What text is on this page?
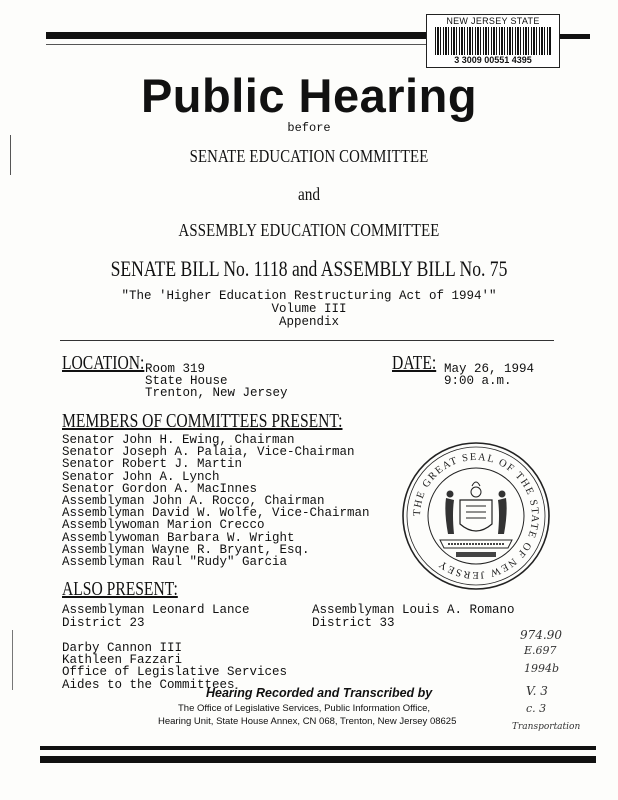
NEW JERSEY STATE
3 3009 00551 4395
Public Hearing
before
SENATE EDUCATION COMMITTEE
and
ASSEMBLY EDUCATION COMMITTEE
SENATE BILL No. 1118 and ASSEMBLY BILL No. 75
"The 'Higher Education Restructuring Act of 1994'"
Volume III
Appendix
LOCATION: Room 319
State House
Trenton, New Jersey
DATE: May 26, 1994
9:00 a.m.
MEMBERS OF COMMITTEES PRESENT:
Senator John H. Ewing, Chairman
Senator Joseph A. Palaia, Vice-Chairman
Senator Robert J. Martin
Senator John A. Lynch
Senator Gordon A. MacInnes
Assemblyman John A. Rocco, Chairman
Assemblyman David W. Wolfe, Vice-Chairman
Assemblywoman Marion Crecco
Assemblywoman Barbara W. Wright
Assemblyman Wayne R. Bryant, Esq.
Assemblyman Raul "Rudy" Garcia
THE GREAT SEAL OF THE STATE OF NEW JERSEY
ALSO PRESENT:
Assemblyman Leonard Lance
District 23
Assemblyman Louis A. Romano
District 33
Darby Cannon III
Kathleen Fazzari
Office of Legislative Services
Aides to the Committees
974.90
E.697
1994b
V. 3
c. 3
Transportation
Hearing Recorded and Transcribed by
The Office of Legislative Services, Public Information Office,
Hearing Unit, State House Annex, CN 068, Trenton, New Jersey 08625
